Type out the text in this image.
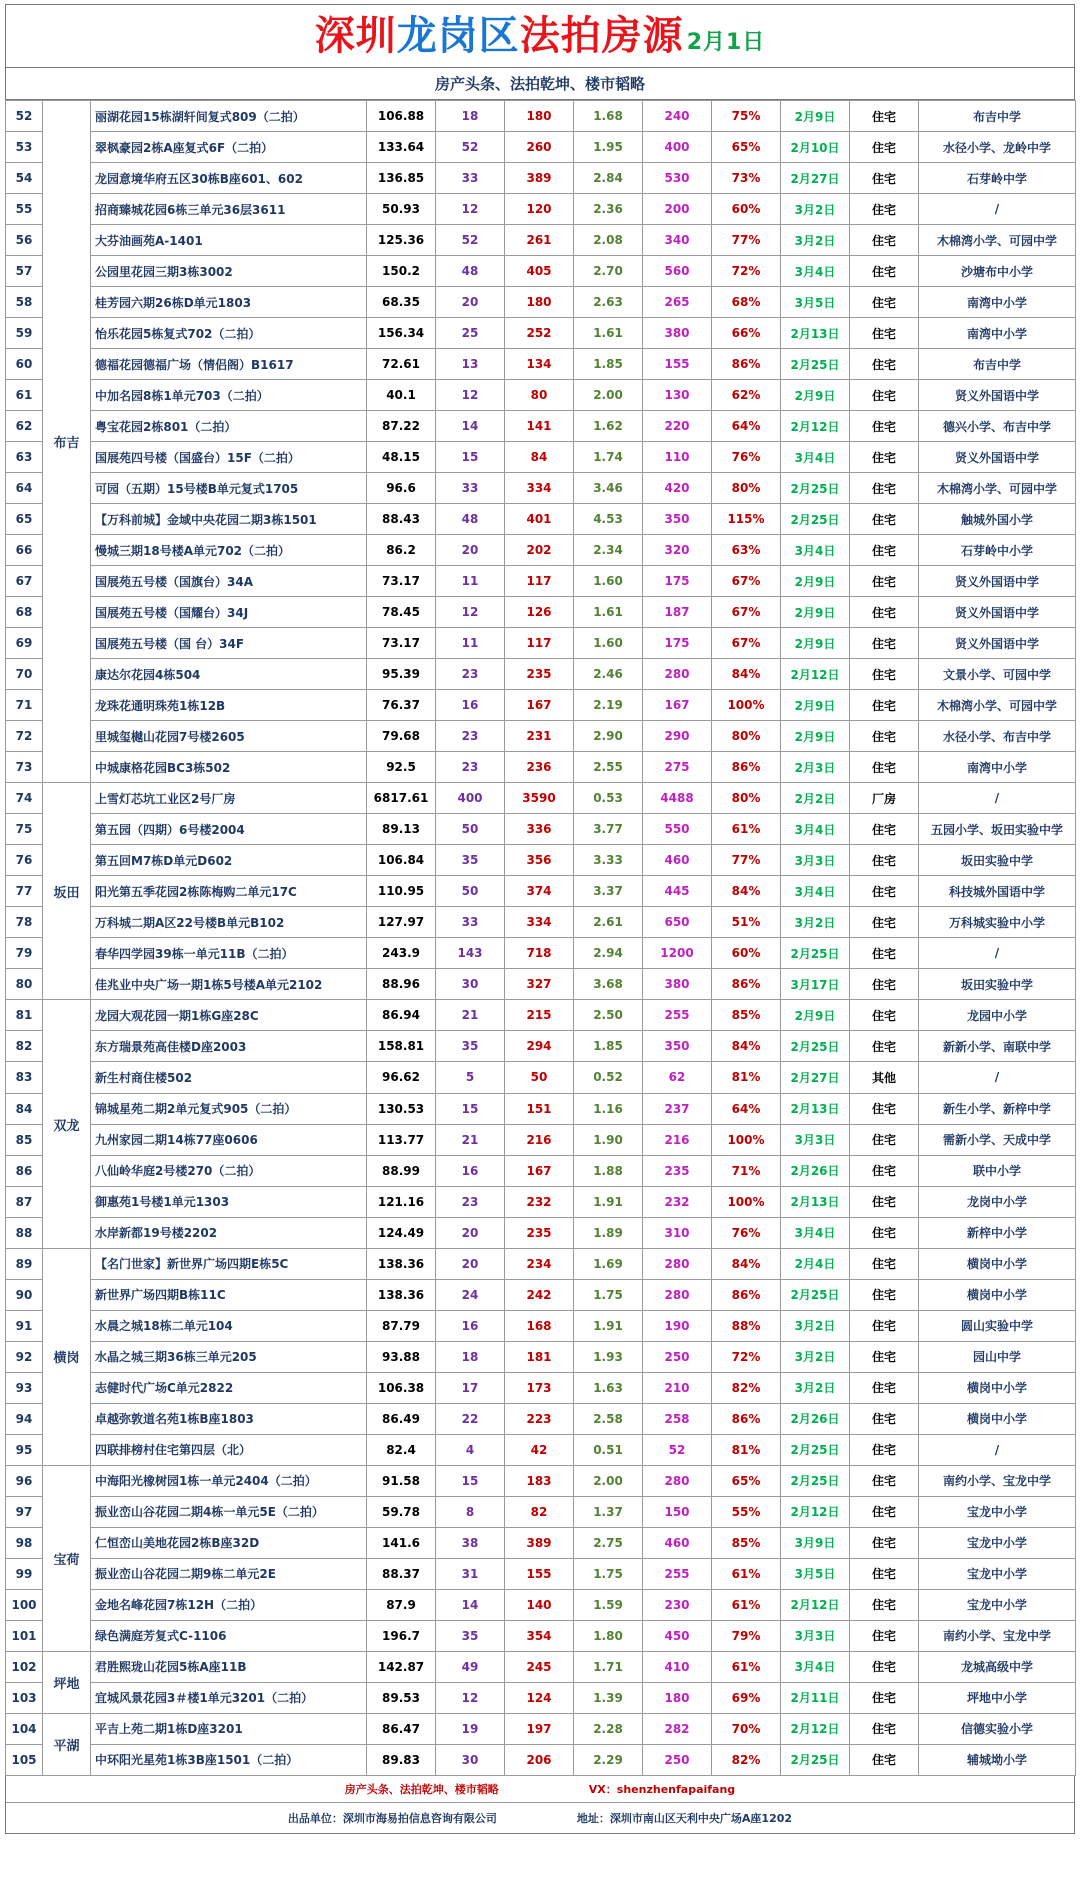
深圳龙岗区法拍房源 2月1日
房产头条、法拍乾坤、楼市韬略
52	布吉	丽湖花园15栋湖轩间复式809（二拍）	106.88	18	180	1.68	240	75%	2月9日	住宅	布吉中学
53		翠枫豪园2栋A座复式6F（二拍）	133.64	52	260	1.95	400	65%	2月10日	住宅	水径小学、龙岭中学
54		龙园意境华府五区30栋B座601、602	136.85	33	389	2.84	530	73%	2月27日	住宅	石芽岭中学
55		招商臻城花园6栋三单元36层3611	50.93	12	120	2.36	200	60%	3月2日	住宅	/
56		大芬油画苑A-1401	125.36	52	261	2.08	340	77%	3月2日	住宅	木棉湾小学、可园中学
57		公园里花园三期3栋3002	150.2	48	405	2.70	560	72%	3月4日	住宅	沙塘布中小学
58		桂芳园六期26栋D单元1803	68.35	20	180	2.63	265	68%	3月5日	住宅	南湾中小学
59		怡乐花园5栋复式702（二拍）	156.34	25	252	1.61	380	66%	2月13日	住宅	南湾中小学
60		德福花园德福广场（情侣阁）B1617	72.61	13	134	1.85	155	86%	2月25日	住宅	布吉中学
61		中加名园8栋1单元703（二拍）	40.1	12	80	2.00	130	62%	2月9日	住宅	贤义外国语中学
62		粤宝花园2栋801（二拍）	87.22	14	141	1.62	220	64%	2月12日	住宅	德兴小学、布吉中学
63		国展苑四号楼（国盛台）15F（二拍）	48.15	15	84	1.74	110	76%	3月4日	住宅	贤义外国语中学
64		可园（五期）15号楼B单元复式1705	96.6	33	334	3.46	420	80%	2月25日	住宅	木棉湾小学、可园中学
65		【万科前城】金域中央花园二期3栋1501	88.43	48	401	4.53	350	115%	2月25日	住宅	触城外国小学
66		慢城三期18号楼A单元702（二拍）	86.2	20	202	2.34	320	63%	3月4日	住宅	石芽岭中小学
67		国展苑五号楼（国旗台）34A	73.17	11	117	1.60	175	67%	2月9日	住宅	贤义外国语中学
68		国展苑五号楼（国耀台）34J	78.45	12	126	1.61	187	67%	2月9日	住宅	贤义外国语中学
69		国展苑五号楼（国 台）34F	73.17	11	117	1.60	175	67%	2月9日	住宅	贤义外国语中学
70		康达尔花园4栋504	95.39	23	235	2.46	280	84%	2月12日	住宅	文景小学、可园中学
71		龙珠花通明珠苑1栋12B	76.37	16	167	2.19	167	100%	2月9日	住宅	木棉湾小学、可园中学
72		里城玺樾山花园7号楼2605	79.68	23	231	2.90	290	80%	2月9日	住宅	水径小学、布吉中学
73		中城康格花园BC3栋502	92.5	23	236	2.55	275	86%	2月3日	住宅	南湾中小学
74	坂田	上雪灯芯坑工业区2号厂房	6817.61	400	3590	0.53	4488	80%	2月2日	厂房	/
75		第五园（四期）6号楼2004	89.13	50	336	3.77	550	61%	3月4日	住宅	五园小学、坂田实验中学
76		第五回M7栋D单元D602	106.84	35	356	3.33	460	77%	3月3日	住宅	坂田实验中学
77		阳光第五季花园2栋陈梅购二单元17C	110.95	50	374	3.37	445	84%	3月4日	住宅	科技城外国语中学
78		万科城二期A区22号楼B单元B102	127.97	33	334	2.61	650	51%	3月2日	住宅	万科城实验中小学
79		春华四学园39栋一单元11B（二拍）	243.9	143	718	2.94	1200	60%	2月25日	住宅	/
80		佳兆业中央广场一期1栋5号楼A单元2102	88.96	30	327	3.68	380	86%	3月17日	住宅	坂田实验中学
81	双龙	龙园大观花园一期1栋G座28C	86.94	21	215	2.50	255	85%	2月9日	住宅	龙园中小学
82		东方瑞景苑高佳楼D座2003	158.81	35	294	1.85	350	84%	2月25日	住宅	新新小学、南联中学
83		新生村商住楼502	96.62	5	50	0.52	62	81%	2月27日	其他	/
84		锦城星苑二期2单元复式905（二拍）	130.53	15	151	1.16	237	64%	2月13日	住宅	新生小学、新梓中学
85		九州家园二期14栋77座0606	113.77	21	216	1.90	216	100%	3月3日	住宅	需新小学、天成中学
86		八仙岭华庭2号楼270（二拍）	88.99	16	167	1.88	235	71%	2月26日	住宅	联中小学
87		御惠苑1号楼1单元1303	121.16	23	232	1.91	232	100%	2月13日	住宅	龙岗中小学
88		水岸新都19号楼2202	124.49	20	235	1.89	310	76%	3月4日	住宅	新梓中小学
89	横岗	【名门世家】新世界广场四期E栋5C	138.36	20	234	1.69	280	84%	2月4日	住宅	横岗中小学
90		新世界广场四期B栋11C	138.36	24	242	1.75	280	86%	2月25日	住宅	横岗中小学
91		水晨之城18栋二单元104	87.79	16	168	1.91	190	88%	3月2日	住宅	圆山实验中学
92		水晶之城三期36栋三单元205	93.88	18	181	1.93	250	72%	3月2日	住宅	园山中学
93		志健时代广场C单元2822	106.38	17	173	1.63	210	82%	3月2日	住宅	横岗中小学
94		卓越弥敦道名苑1栋B座1803	86.49	22	223	2.58	258	86%	2月26日	住宅	横岗中小学
95		四联排榜村住宅第四层（北）	82.4	4	42	0.51	52	81%	2月25日	住宅	/
96	宝荷	中海阳光橡树园1栋一单元2404（二拍）	91.58	15	183	2.00	280	65%	2月25日	住宅	南约小学、宝龙中学
97		振业峦山谷花园二期4栋一单元5E（二拍）	59.78	8	82	1.37	150	55%	2月12日	住宅	宝龙中小学
98		仁恒峦山美地花园2栋B座32D	141.6	38	389	2.75	460	85%	3月9日	住宅	宝龙中小学
99		振业峦山谷花园二期9栋二单元2E	88.37	31	155	1.75	255	61%	3月5日	住宅	宝龙中小学
100		金地名峰花园7栋12H（二拍）	87.9	14	140	1.59	230	61%	2月12日	住宅	宝龙中小学
101		绿色满庭芳复式C-1106	196.7	35	354	1.80	450	79%	3月3日	住宅	南约小学、宝龙中学
102	坪地	君胜熙珑山花园5栋A座11B	142.87	49	245	1.71	410	61%	3月4日	住宅	龙城高级中学
103		宜城风景花园3＃楼1单元3201（二拍）	89.53	12	124	1.39	180	69%	2月11日	住宅	坪地中小学
104	平湖	平吉上苑二期1栋D座3201	86.47	19	197	2.28	282	70%	2月12日	住宅	信德实验小学
105		中环阳光星苑1栋3B座1501（二拍）	89.83	30	206	2.29	250	82%	2月25日	住宅	辅城坳小学
房产头条、法拍乾坤、楼市韬略	VX：shenzhenfapaifang
出品单位：深圳市海易拍信息咨询有限公司	地址：深圳市南山区天利中央广场A座1202
